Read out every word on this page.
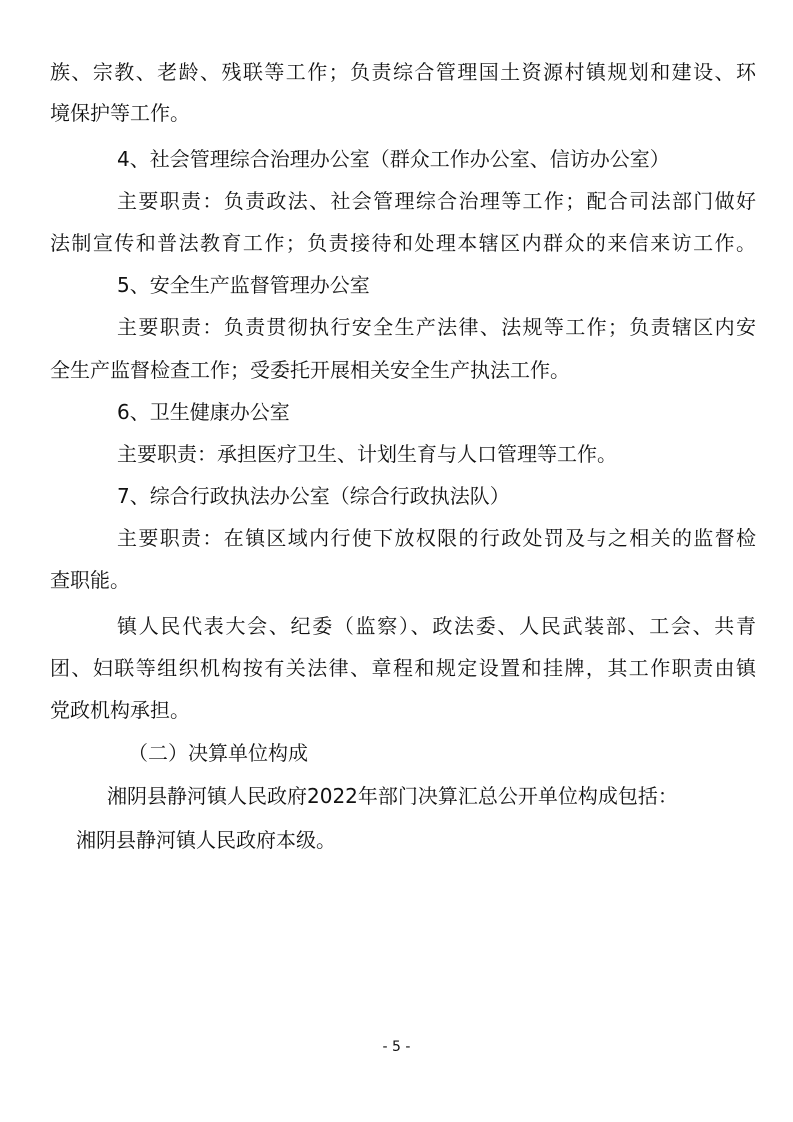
族、宗教、老龄、残联等工作；负责综合管理国土资源村镇规划和建设、环
境保护等工作。
4、社会管理综合治理办公室（群众工作办公室、信访办公室）
主要职责：负责政法、社会管理综合治理等工作；配合司法部门做好
法制宣传和普法教育工作；负责接待和处理本辖区内群众的来信来访工作。
5、安全生产监督管理办公室
主要职责：负责贯彻执行安全生产法律、法规等工作；负责辖区内安
全生产监督检查工作；受委托开展相关安全生产执法工作。
6、卫生健康办公室
主要职责：承担医疗卫生、计划生育与人口管理等工作。
7、综合行政执法办公室（综合行政执法队）
主要职责：在镇区域内行使下放权限的行政处罚及与之相关的监督检
查职能。
镇人民代表大会、纪委（监察）、政法委、人民武装部、工会、共青
团、妇联等组织机构按有关法律、章程和规定设置和挂牌，其工作职责由镇
党政机构承担。
（二）决算单位构成
湘阴县静河镇人民政府2022年部门决算汇总公开单位构成包括：
湘阴县静河镇人民政府本级。
- 5 -
